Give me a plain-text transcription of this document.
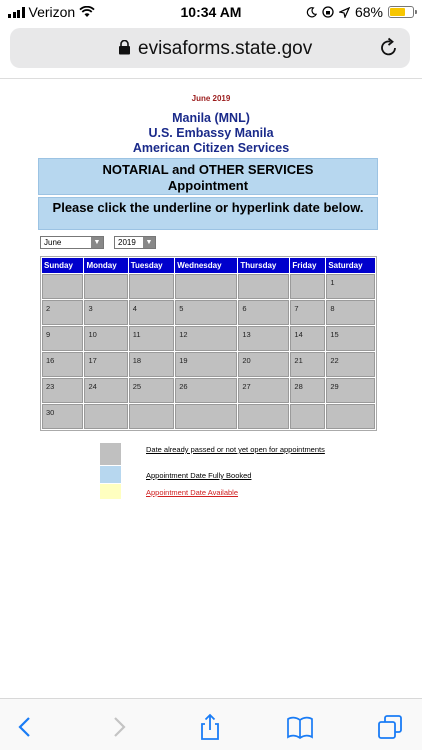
Verizon	10:34 AM	68%
evisaforms.state.gov
June 2019
Manila (MNL)
U.S. Embassy Manila
American Citizen Services
NOTARIAL and OTHER SERVICES
Appointment
Please click the underline or hyperlink date below.
June	▼	2019	▼
Sunday	Monday	Tuesday	Wednesday	Thursday	Friday	Saturday
						1
2	3	4	5	6	7	8
9	10	11	12	13	14	15
16	17	18	19	20	21	22
23	24	25	26	27	28	29
30						
Date already passed or not yet open for appointments
Appointment Date Fully Booked
Appointment Date Available
